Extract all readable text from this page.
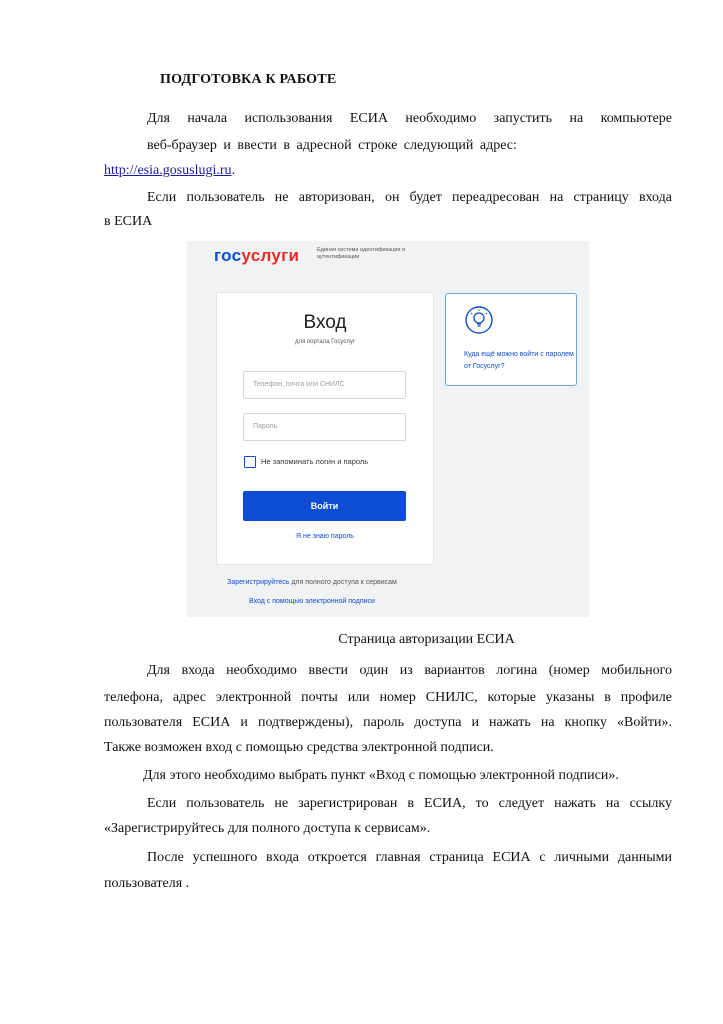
ПОДГОТОВКА К РАБОТЕ
Для начала использования ЕСИА необходимо запустить на компьютере
веб-браузер и ввести в адресной строке следующий адрес:
http://esia.gosuslugi.ru.
Если пользователь не авторизован, он будет переадресован на страницу входа
в ЕСИА
госуслуги	Единая система идентификации и аутентификации
Вход
для портала Госуслуг
Телефон, почта или СНИЛС
Пароль
Не запоминать логин и пароль
Войти
Я не знаю пароль
Куда ещё можно войти с паролем от Госуслуг?
Зарегистрируйтесь для полного доступа к сервисам
Вход с помощью электронной подписи
Страница авторизации ЕСИА
Для входа необходимо ввести один из вариантов логина (номер мобильного
телефона, адрес электронной почты или номер СНИЛС, которые указаны в профиле
пользователя ЕСИА и подтверждены), пароль доступа и нажать на кнопку «Войти».
Также возможен вход с помощью средства электронной подписи.
Для этого необходимо выбрать пункт «Вход с помощью электронной подписи».
Если пользователь не зарегистрирован в ЕСИА, то следует нажать на ссылку
«Зарегистрируйтесь для полного доступа к сервисам».
После успешного входа откроется главная страница ЕСИА с личными данными
пользователя .
